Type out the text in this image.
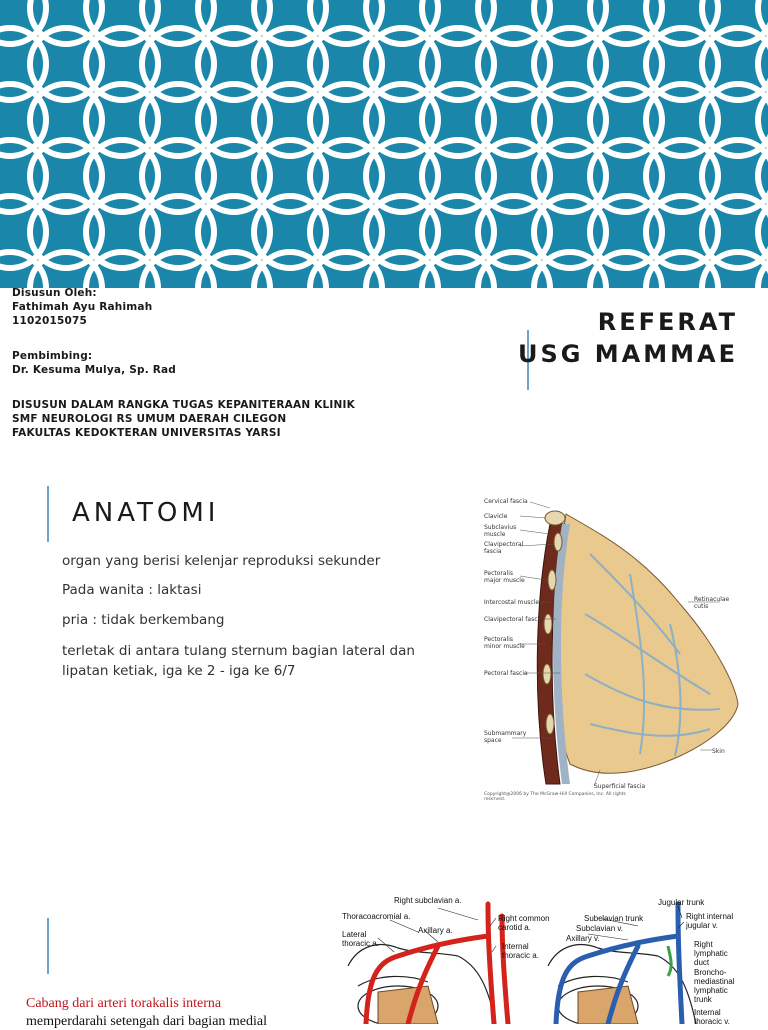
Disusun Oleh:
Fathimah Ayu Rahimah
1102015075
Pembimbing:
Dr. Kesuma Mulya, Sp. Rad
DISUSUN DALAM RANGKA TUGAS KEPANITERAAN KLINIK
SMF NEUROLOGI RS UMUM DAERAH CILEGON
FAKULTAS KEDOKTERAN UNIVERSITAS YARSI
REFERAT
USG MAMMAE
ANATOMI
organ yang berisi kelenjar reproduksi sekunder
Pada wanita : laktasi
pria : tidak berkembang
terletak di antara tulang sternum bagian lateral dan lipatan ketiak, iga ke 2 - iga ke 6/7
Cervical fascia
Clavicle
Subclavius muscle
Clavipectoral fascia
Pectoralis major muscle
Intercostal muscle
Clavipectoral fascia
Pectoralis minor muscle
Pectoral fascia
Retinaculae cutis
Submammary space
Skin
Superficial fascia
Copyright@2006 by The McGraw-Hill Companies, Inc. All rights reserved.
Right subclavian a.
Thoracoacromial a.
Lateral thoracic a.
Axillary a.
Right common carotid a.
Internal thoracic a.
Jugular trunk
Subclavian trunk
Subclavian v.
Axillary v.
Right internal jugular v.
Right lymphatic duct
Broncho-mediastinal lymphatic trunk
Internal thoracic v.
Cabang dari arteri torakalis interna
memperdarahi setengah dari bagian medial
